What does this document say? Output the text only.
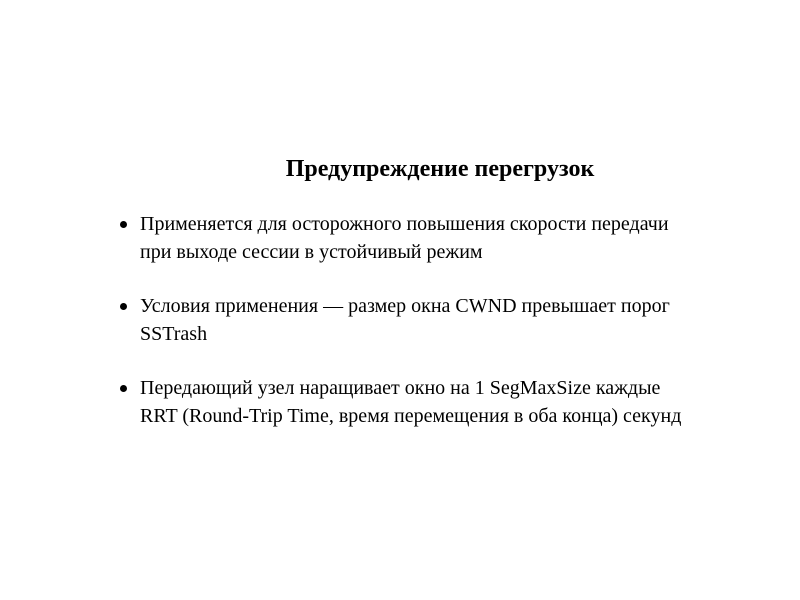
Предупреждение перегрузок
Применяется для осторожного повышения скорости передачи
при выходе сессии в устойчивый режим
Условия применения — размер окна CWND превышает порог
SSTrash
Передающий узел наращивает окно на 1 SegMaxSize каждые
RRT (Round-Trip Time, время перемещения в оба конца) секунд
